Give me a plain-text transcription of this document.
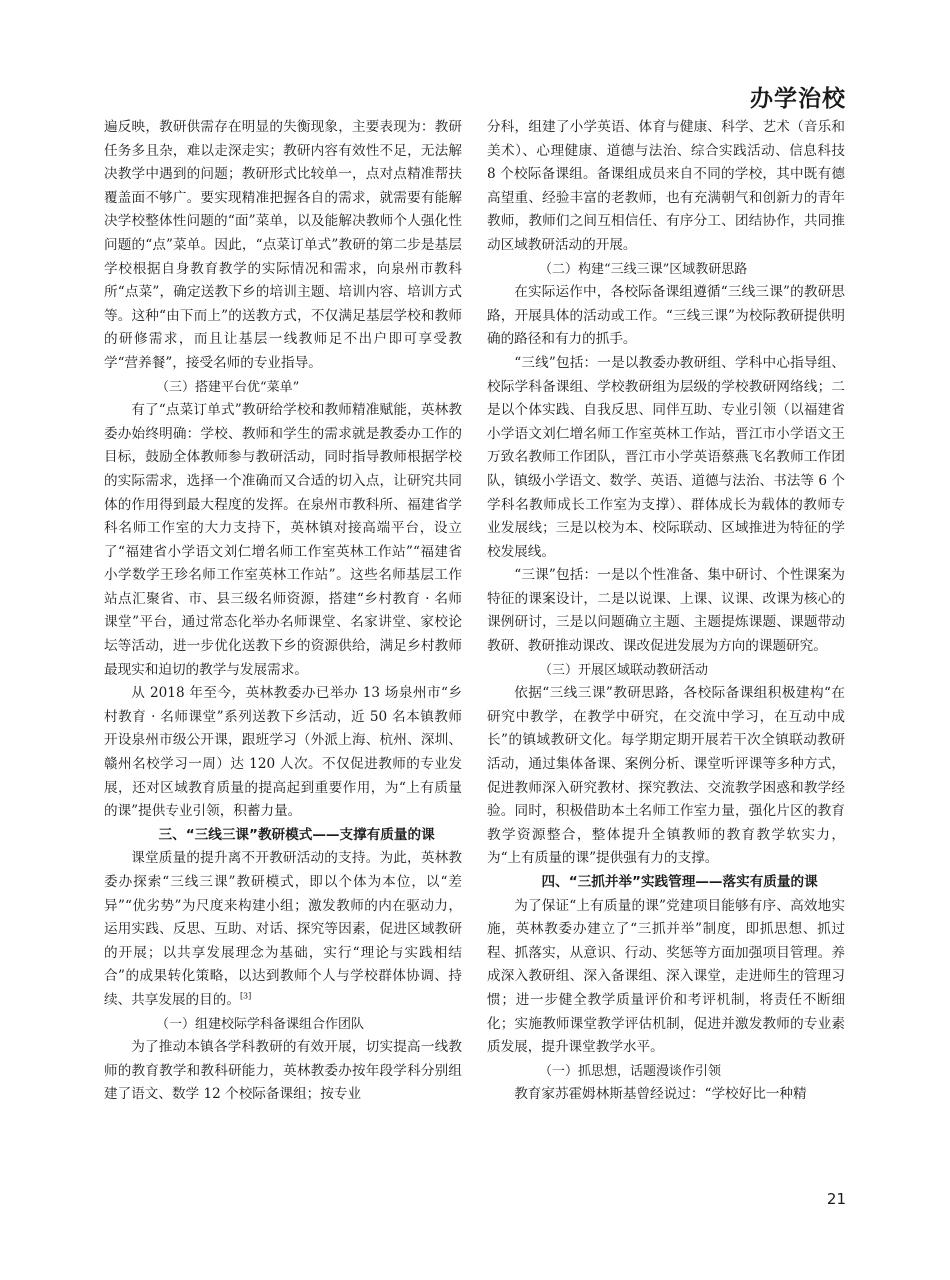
办学治校

遍反映，教研供需存在明显的失衡现象，主要表现为：教研任务多且杂，难以走深走实；教研内容有效性不足，无法解决教学中遇到的问题；教研形式比较单一，点对点精准帮扶覆盖面不够广。要实现精准把握各自的需求，就需要有能解决学校整体性问题的“面”菜单，以及能解决教师个人强化性问题的“点”菜单。因此，“点菜订单式”教研的第二步是基层学校根据自身教育教学的实际情况和需求，向泉州市教科所“点菜”，确定送教下乡的培训主题、培训内容、培训方式等。这种“由下而上”的送教方式，不仅满足基层学校和教师的研修需求，而且让基层一线教师足不出户即可享受教学“营养餐”，接受名师的专业指导。

（三）搭建平台优“菜单”

有了“点菜订单式”教研给学校和教师精准赋能，英林教委办始终明确：学校、教师和学生的需求就是教委办工作的目标，鼓励全体教师参与教研活动，同时指导教师根据学校的实际需求，选择一个准确而又合适的切入点，让研究共同体的作用得到最大程度的发挥。在泉州市教科所、福建省学科名师工作室的大力支持下，英林镇对接高端平台，设立了“福建省小学语文刘仁增名师工作室英林工作站”“福建省小学数学王珍名师工作室英林工作站”。这些名师基层工作站点汇聚省、市、县三级名师资源，搭建“乡村教育 · 名师课堂”平台，通过常态化举办名师课堂、名家讲堂、家校论坛等活动，进一步优化送教下乡的资源供给，满足乡村教师最现实和迫切的教学与发展需求。

从 2018 年至今，英林教委办已举办 13 场泉州市“乡村教育 · 名师课堂”系列送教下乡活动，近 50 名本镇教师开设泉州市级公开课，跟班学习（外派上海、杭州、深圳、赣州名校学习一周）达 120 人次。不仅促进教师的专业发展，还对区域教育质量的提高起到重要作用，为“上有质量的课”提供专业引领，积蓄力量。

三、“三线三课”教研模式——支撑有质量的课

课堂质量的提升离不开教研活动的支持。为此，英林教委办探索“三线三课”教研模式，即以个体为本位，以“差异”“优劣势”为尺度来构建小组；激发教师的内在驱动力，运用实践、反思、互助、对话、探究等因素，促进区域教研的开展；以共享发展理念为基础，实行“理论与实践相结合”的成果转化策略，以达到教师个人与学校群体协调、持续、共享发展的目的。[3]

（一）组建校际学科备课组合作团队

为了推动本镇各学科教研的有效开展，切实提高一线教师的教育教学和教科研能力，英林教委办按年段学科分别组建了语文、数学 12 个校际备课组；按专业

分科，组建了小学英语、体育与健康、科学、艺术（音乐和美术）、心理健康、道德与法治、综合实践活动、信息科技 8 个校际备课组。备课组成员来自不同的学校，其中既有德高望重、经验丰富的老教师，也有充满朝气和创新力的青年教师，教师们之间互相信任、有序分工、团结协作，共同推动区域教研活动的开展。

（二）构建“三线三课”区域教研思路

在实际运作中，各校际备课组遵循“三线三课”的教研思路，开展具体的活动或工作。“三线三课”为校际教研提供明确的路径和有力的抓手。

“三线”包括：一是以教委办教研组、学科中心指导组、校际学科备课组、学校教研组为层级的学校教研网络线；二是以个体实践、自我反思、同伴互助、专业引领（以福建省小学语文刘仁增名师工作室英林工作站，晋江市小学语文王万致名教师工作团队，晋江市小学英语蔡燕飞名教师工作团队，镇级小学语文、数学、英语、道德与法治、书法等 6 个学科名教师成长工作室为支撑）、群体成长为载体的教师专业发展线；三是以校为本、校际联动、区域推进为特征的学校发展线。

“三课”包括：一是以个性准备、集中研讨、个性课案为特征的课案设计，二是以说课、上课、议课、改课为核心的课例研讨，三是以问题确立主题、主题提炼课题、课题带动教研、教研推动课改、课改促进发展为方向的课题研究。

（三）开展区域联动教研活动

依据“三线三课”教研思路，各校际备课组积极建构“在研究中教学，在教学中研究，在交流中学习，在互动中成长”的镇域教研文化。每学期定期开展若干次全镇联动教研活动，通过集体备课、案例分析、课堂听评课等多种方式，促进教师深入研究教材、探究教法、交流教学困惑和教学经验。同时，积极借助本土名师工作室力量，强化片区的教育教学资源整合，整体提升全镇教师的教育教学软实力，为“上有质量的课”提供强有力的支撑。

四、“三抓并举”实践管理——落实有质量的课

为了保证“上有质量的课”党建项目能够有序、高效地实施，英林教委办建立了“三抓并举”制度，即抓思想、抓过程、抓落实，从意识、行动、奖惩等方面加强项目管理。养成深入教研组、深入备课组、深入课堂，走进师生的管理习惯；进一步健全教学质量评价和考评机制，将责任不断细化；实施教师课堂教学评估机制，促进并激发教师的专业素质发展，提升课堂教学水平。

（一）抓思想，话题漫谈作引领

教育家苏霍姆林斯基曾经说过：“学校好比一种精

21
